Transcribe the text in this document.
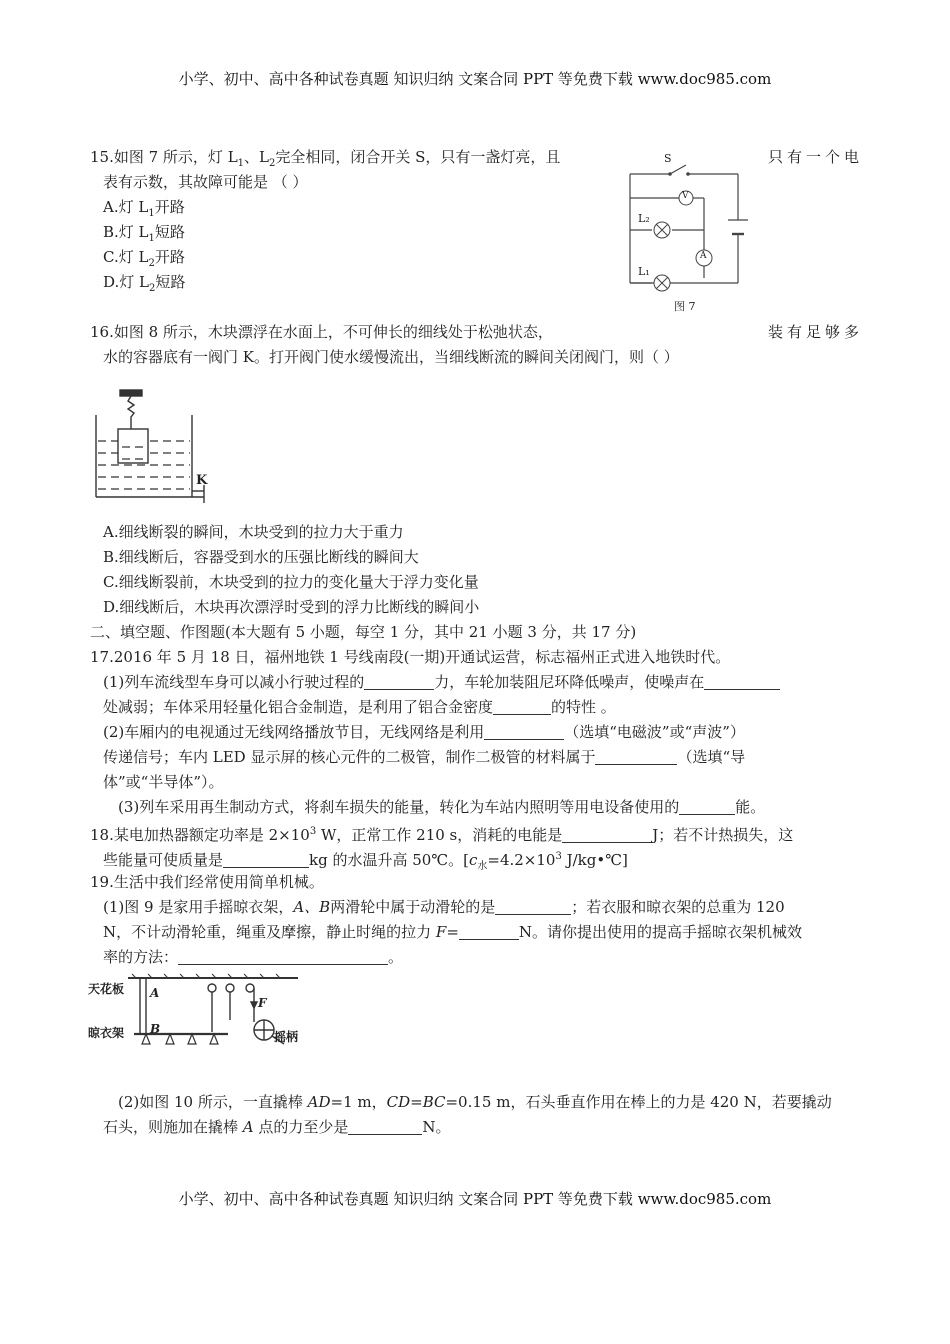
小学、初中、高中各种试卷真题 知识归纳 文案合同 PPT 等免费下载 www.doc985.com
15.如图 7 所示，灯 $L_1$、$L_2$完全相同，闭合开关 S，只有一盏灯亮，且	只有一个电
表有示数，其故障可能是 （ ）
A.灯 $L_1$开路
B.灯 $L_1$短路
C.灯 $L_2$开路
D.灯 $L_2$短路
S
V
A
L₂
L₁
图 7
16.如图 8 所示，木块漂浮在水面上，不可伸长的细线处于松弛状态，	装有足够多
水的容器底有一阀门 K。打开阀门使水缓慢流出，当细线断流的瞬间关闭阀门，则（ ）
K
A.细线断裂的瞬间，木块受到的拉力大于重力
B.细线断后，容器受到水的压强比断线的瞬间大
C.细线断裂前，木块受到的拉力的变化量大于浮力变化量
D.细线断后，木块再次漂浮时受到的浮力比断线的瞬间小
二、填空题、作图题(本大题有 5 小题，每空 1 分，其中 21 小题 3 分，共 17 分)
17.2016 年 5 月 18 日，福州地铁 1 号线南段(一期)开通试运营，标志福州正式进入地铁时代。
(1)列车流线型车身可以减小行驶过程的	力，车轮加装阻尼环降低噪声，使噪声在
处减弱；车体采用轻量化铝合金制造，是利用了铝合金密度	的特性 。
(2)车厢内的电视通过无线网络播放节目，无线网络是利用	（选填“电磁波”或“声波”）
传递信号；车内 LED 显示屏的核心元件的二极管，制作二极管的材料属于	（选填“导
体”或“半导体”）。
(3)列车采用再生制动方式，将刹车损失的能量，转化为车站内照明等用电设备使用的	能。
18.某电加热器额定功率是 $2\times 10^3$ W，正常工作 210 s，消耗的电能是	J；若不计热损失，这
些能量可使质量是	kg 的水温升高 50℃。[$c_水=4.2\times 10^3$ J/kg•℃]
19.生活中我们经常使用简单机械。
(1)图 9 是家用手摇晾衣架，A、B两滑轮中属于动滑轮的是	；若衣服和晾衣架的总重为 120
N，不计动滑轮重，绳重及摩擦，静止时绳的拉力 F=	N。请你提出使用的提高手摇晾衣架机械效
率的方法：	。
天花板
晾衣架
A
B
F
摇柄
(2)如图 10 所示，一直撬棒 AD=1 m，CD=BC=0.15 m，石头垂直作用在棒上的力是 420 N，若要撬动
石头，则施加在撬棒 A 点的力至少是	N。
小学、初中、高中各种试卷真题 知识归纳 文案合同 PPT 等免费下载 www.doc985.com
